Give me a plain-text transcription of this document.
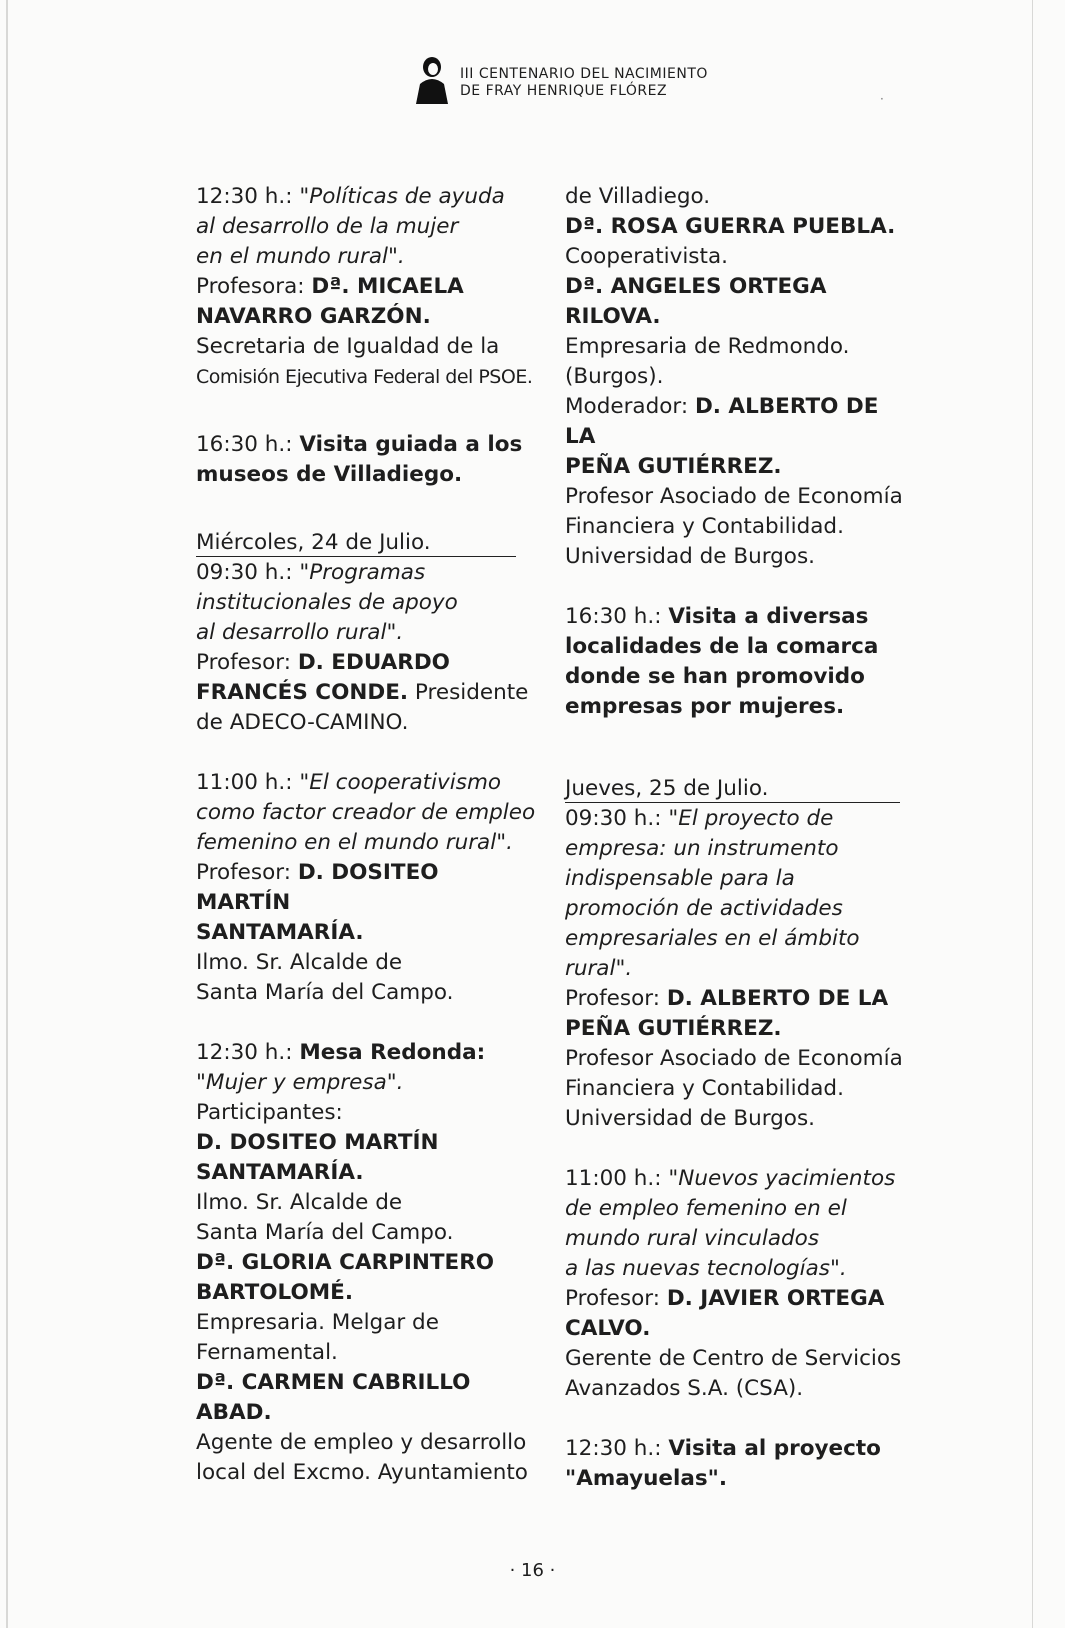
III CENTENARIO DEL NACIMIENTO
DE FRAY HENRIQUE FLÓREZ	·
12:30 h.: "Políticas de ayuda
al desarrollo de la mujer
en el mundo rural".
Profesora: Dª. MICAELA
NAVARRO GARZÓN.
Secretaria de Igualdad de la
Comisión Ejecutiva Federal del PSOE.
16:30 h.: Visita guiada a los
museos de Villadiego.
Miércoles, 24 de Julio.
09:30 h.: "Programas
institucionales de apoyo
al desarrollo rural".
Profesor: D. EDUARDO
FRANCÉS CONDE. Presidente
de ADECO-CAMINO.
11:00 h.: "El cooperativismo
como factor creador de empleo
femenino en el mundo rural".
Profesor: D. DOSITEO MARTÍN
SANTAMARÍA.
Ilmo. Sr. Alcalde de
Santa María del Campo.
12:30 h.: Mesa Redonda:
"Mujer y empresa".
Participantes:
D. DOSITEO MARTÍN
SANTAMARÍA.
Ilmo. Sr. Alcalde de
Santa María del Campo.
Dª. GLORIA CARPINTERO
BARTOLOMÉ.
Empresaria. Melgar de
Fernamental.
Dª. CARMEN CABRILLO ABAD.
Agente de empleo y desarrollo
local del Excmo. Ayuntamiento
de Villadiego.
Dª. ROSA GUERRA PUEBLA.
Cooperativista.
Dª. ANGELES ORTEGA RILOVA.
Empresaria de Redmondo.
(Burgos).
Moderador: D. ALBERTO DE LA
PEÑA GUTIÉRREZ.
Profesor Asociado de Economía
Financiera y Contabilidad.
Universidad de Burgos.
16:30 h.: Visita a diversas
localidades de la comarca
donde se han promovido
empresas por mujeres.
Jueves, 25 de Julio.
09:30 h.: "El proyecto de
empresa: un instrumento
indispensable para la
promoción de actividades
empresariales en el ámbito
rural".
Profesor: D. ALBERTO DE LA
PEÑA GUTIÉRREZ.
Profesor Asociado de Economía
Financiera y Contabilidad.
Universidad de Burgos.
11:00 h.: "Nuevos yacimientos
de empleo femenino en el
mundo rural vinculados
a las nuevas tecnologías".
Profesor: D. JAVIER ORTEGA
CALVO.
Gerente de Centro de Servicios
Avanzados S.A. (CSA).
12:30 h.: Visita al proyecto
"Amayuelas".
· 16 ·
